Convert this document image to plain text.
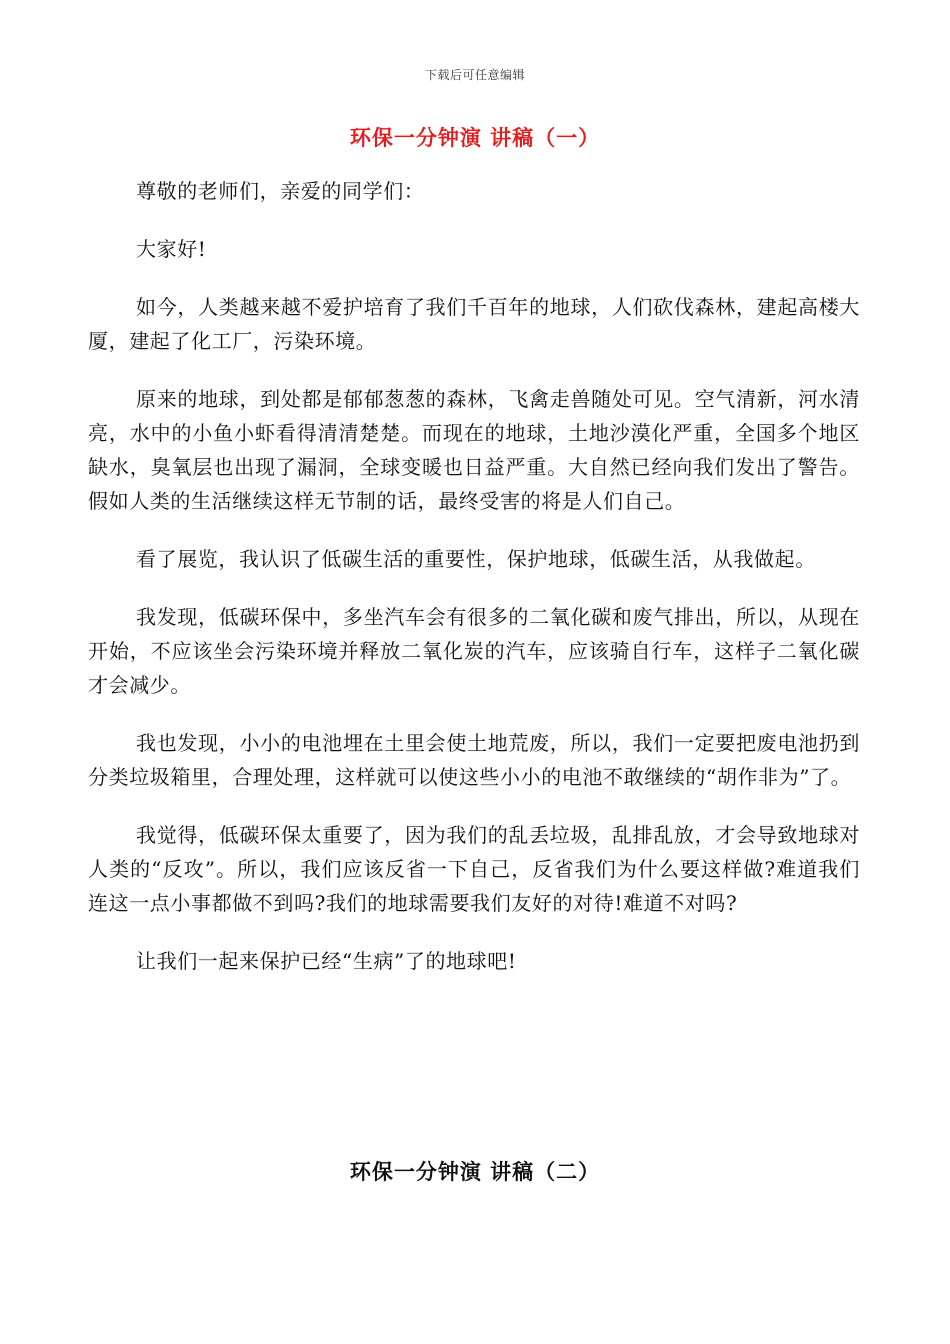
下载后可任意编辑
环保一分钟演 讲稿（一）

尊敬的老师们，亲爱的同学们：

大家好!

如今，人类越来越不爱护培育了我们千百年的地球，人们砍伐森林，建起高楼大厦，建起了化工厂，污染环境。

原来的地球，到处都是郁郁葱葱的森林，飞禽走兽随处可见。空气清新，河水清亮，水中的小鱼小虾看得清清楚楚。而现在的地球，土地沙漠化严重，全国多个地区缺水，臭氧层也出现了漏洞，全球变暖也日益严重。大自然已经向我们发出了警告。假如人类的生活继续这样无节制的话，最终受害的将是人们自己。

看了展览，我认识了低碳生活的重要性，保护地球，低碳生活，从我做起。

我发现，低碳环保中，多坐汽车会有很多的二氧化碳和废气排出，所以，从现在开始，不应该坐会污染环境并释放二氧化炭的汽车，应该骑自行车，这样子二氧化碳才会减少。

我也发现，小小的电池埋在土里会使土地荒废，所以，我们一定要把废电池扔到分类垃圾箱里，合理处理，这样就可以使这些小小的电池不敢继续的“胡作非为”了。

我觉得，低碳环保太重要了，因为我们的乱丢垃圾，乱排乱放，才会导致地球对人类的“反攻”。所以，我们应该反省一下自己，反省我们为什么要这样做?难道我们连这一点小事都做不到吗?我们的地球需要我们友好的对待!难道不对吗?

让我们一起来保护已经“生病”了的地球吧!

环保一分钟演 讲稿（二）
